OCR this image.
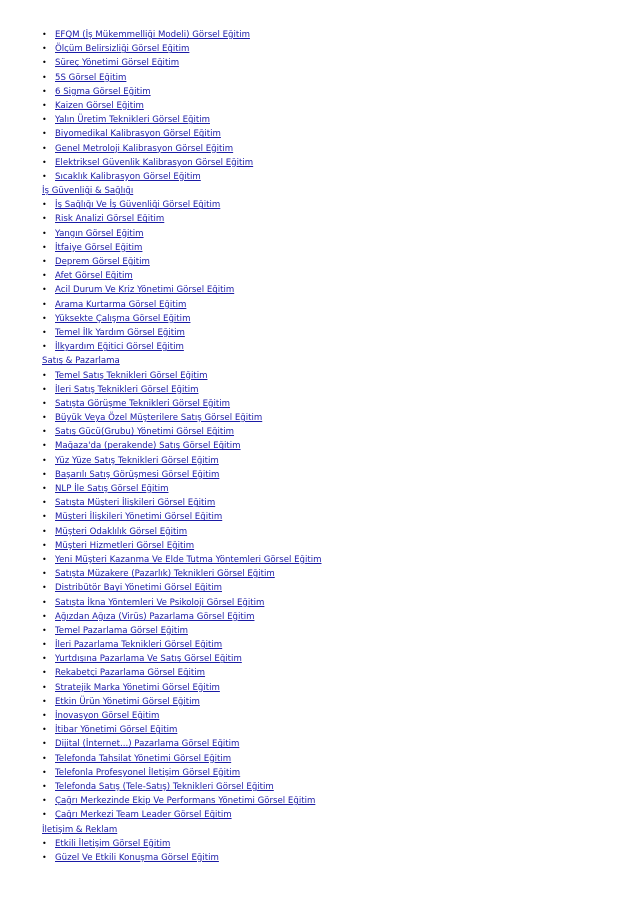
• EFQM (İş Mükemmelliği Modeli) Görsel Eğitim
• Ölçüm Belirsizliği Görsel Eğitim
• Süreç Yönetimi Görsel Eğitim
• 5S Görsel Eğitim
• 6 Sigma Görsel Eğitim
• Kaizen Görsel Eğitim
• Yalın Üretim Teknikleri Görsel Eğitim
• Biyomedikal Kalibrasyon Görsel Eğitim
• Genel Metroloji Kalibrasyon Görsel Eğitim
• Elektriksel Güvenlik Kalibrasyon Görsel Eğitim
• Sıcaklık Kalibrasyon Görsel Eğitim
İş Güvenliği & Sağlığı
• İş Sağlığı Ve İş Güvenliği Görsel Eğitim
• Risk Analizi Görsel Eğitim
• Yangın Görsel Eğitim
• İtfaiye Görsel Eğitim
• Deprem Görsel Eğitim
• Afet Görsel Eğitim
• Acil Durum Ve Kriz Yönetimi Görsel Eğitim
• Arama Kurtarma Görsel Eğitim
• Yüksekte Çalışma Görsel Eğitim
• Temel İlk Yardım Görsel Eğitim
• İlkyardım Eğitici Görsel Eğitim
Satış & Pazarlama
• Temel Satış Teknikleri Görsel Eğitim
• İleri Satış Teknikleri Görsel Eğitim
• Satışta Görüşme Teknikleri Görsel Eğitim
• Büyük Veya Özel Müşterilere Satış Görsel Eğitim
• Satış Gücü(Grubu) Yönetimi Görsel Eğitim
• Mağaza'da (perakende) Satış Görsel Eğitim
• Yüz Yüze Satış Teknikleri Görsel Eğitim
• Başarılı Satış Görüşmesi Görsel Eğitim
• NLP İle Satış Görsel Eğitim
• Satışta Müşteri İlişkileri Görsel Eğitim
• Müşteri İlişkileri Yönetimi Görsel Eğitim
• Müşteri Odaklılık Görsel Eğitim
• Müşteri Hizmetleri Görsel Eğitim
• Yeni Müşteri Kazanma Ve Elde Tutma Yöntemleri Görsel Eğitim
• Satışta Müzakere (Pazarlık) Teknikleri Görsel Eğitim
• Distribütör Bayi Yönetimi Görsel Eğitim
• Satışta İkna Yöntemleri Ve Psikoloji Görsel Eğitim
• Ağızdan Ağıza (Virüs) Pazarlama Görsel Eğitim
• Temel Pazarlama Görsel Eğitim
• İleri Pazarlama Teknikleri Görsel Eğitim
• Yurtdışına Pazarlama Ve Satış Görsel Eğitim
• Rekabetçi Pazarlama Görsel Eğitim
• Stratejik Marka Yönetimi Görsel Eğitim
• Etkin Ürün Yönetimi Görsel Eğitim
• İnovasyon Görsel Eğitim
• İtibar Yönetimi Görsel Eğitim
• Dijital (İnternet...) Pazarlama Görsel Eğitim
• Telefonda Tahsilat Yönetimi Görsel Eğitim
• Telefonla Profesyonel İletişim Görsel Eğitim
• Telefonda Satış (Tele-Satış) Teknikleri Görsel Eğitim
• Çağrı Merkezinde Ekip Ve Performans Yönetimi Görsel Eğitim
• Çağrı Merkezi Team Leader Görsel Eğitim
İletişim & Reklam
• Etkili İletişim Görsel Eğitim
• Güzel Ve Etkili Konuşma Görsel Eğitim
